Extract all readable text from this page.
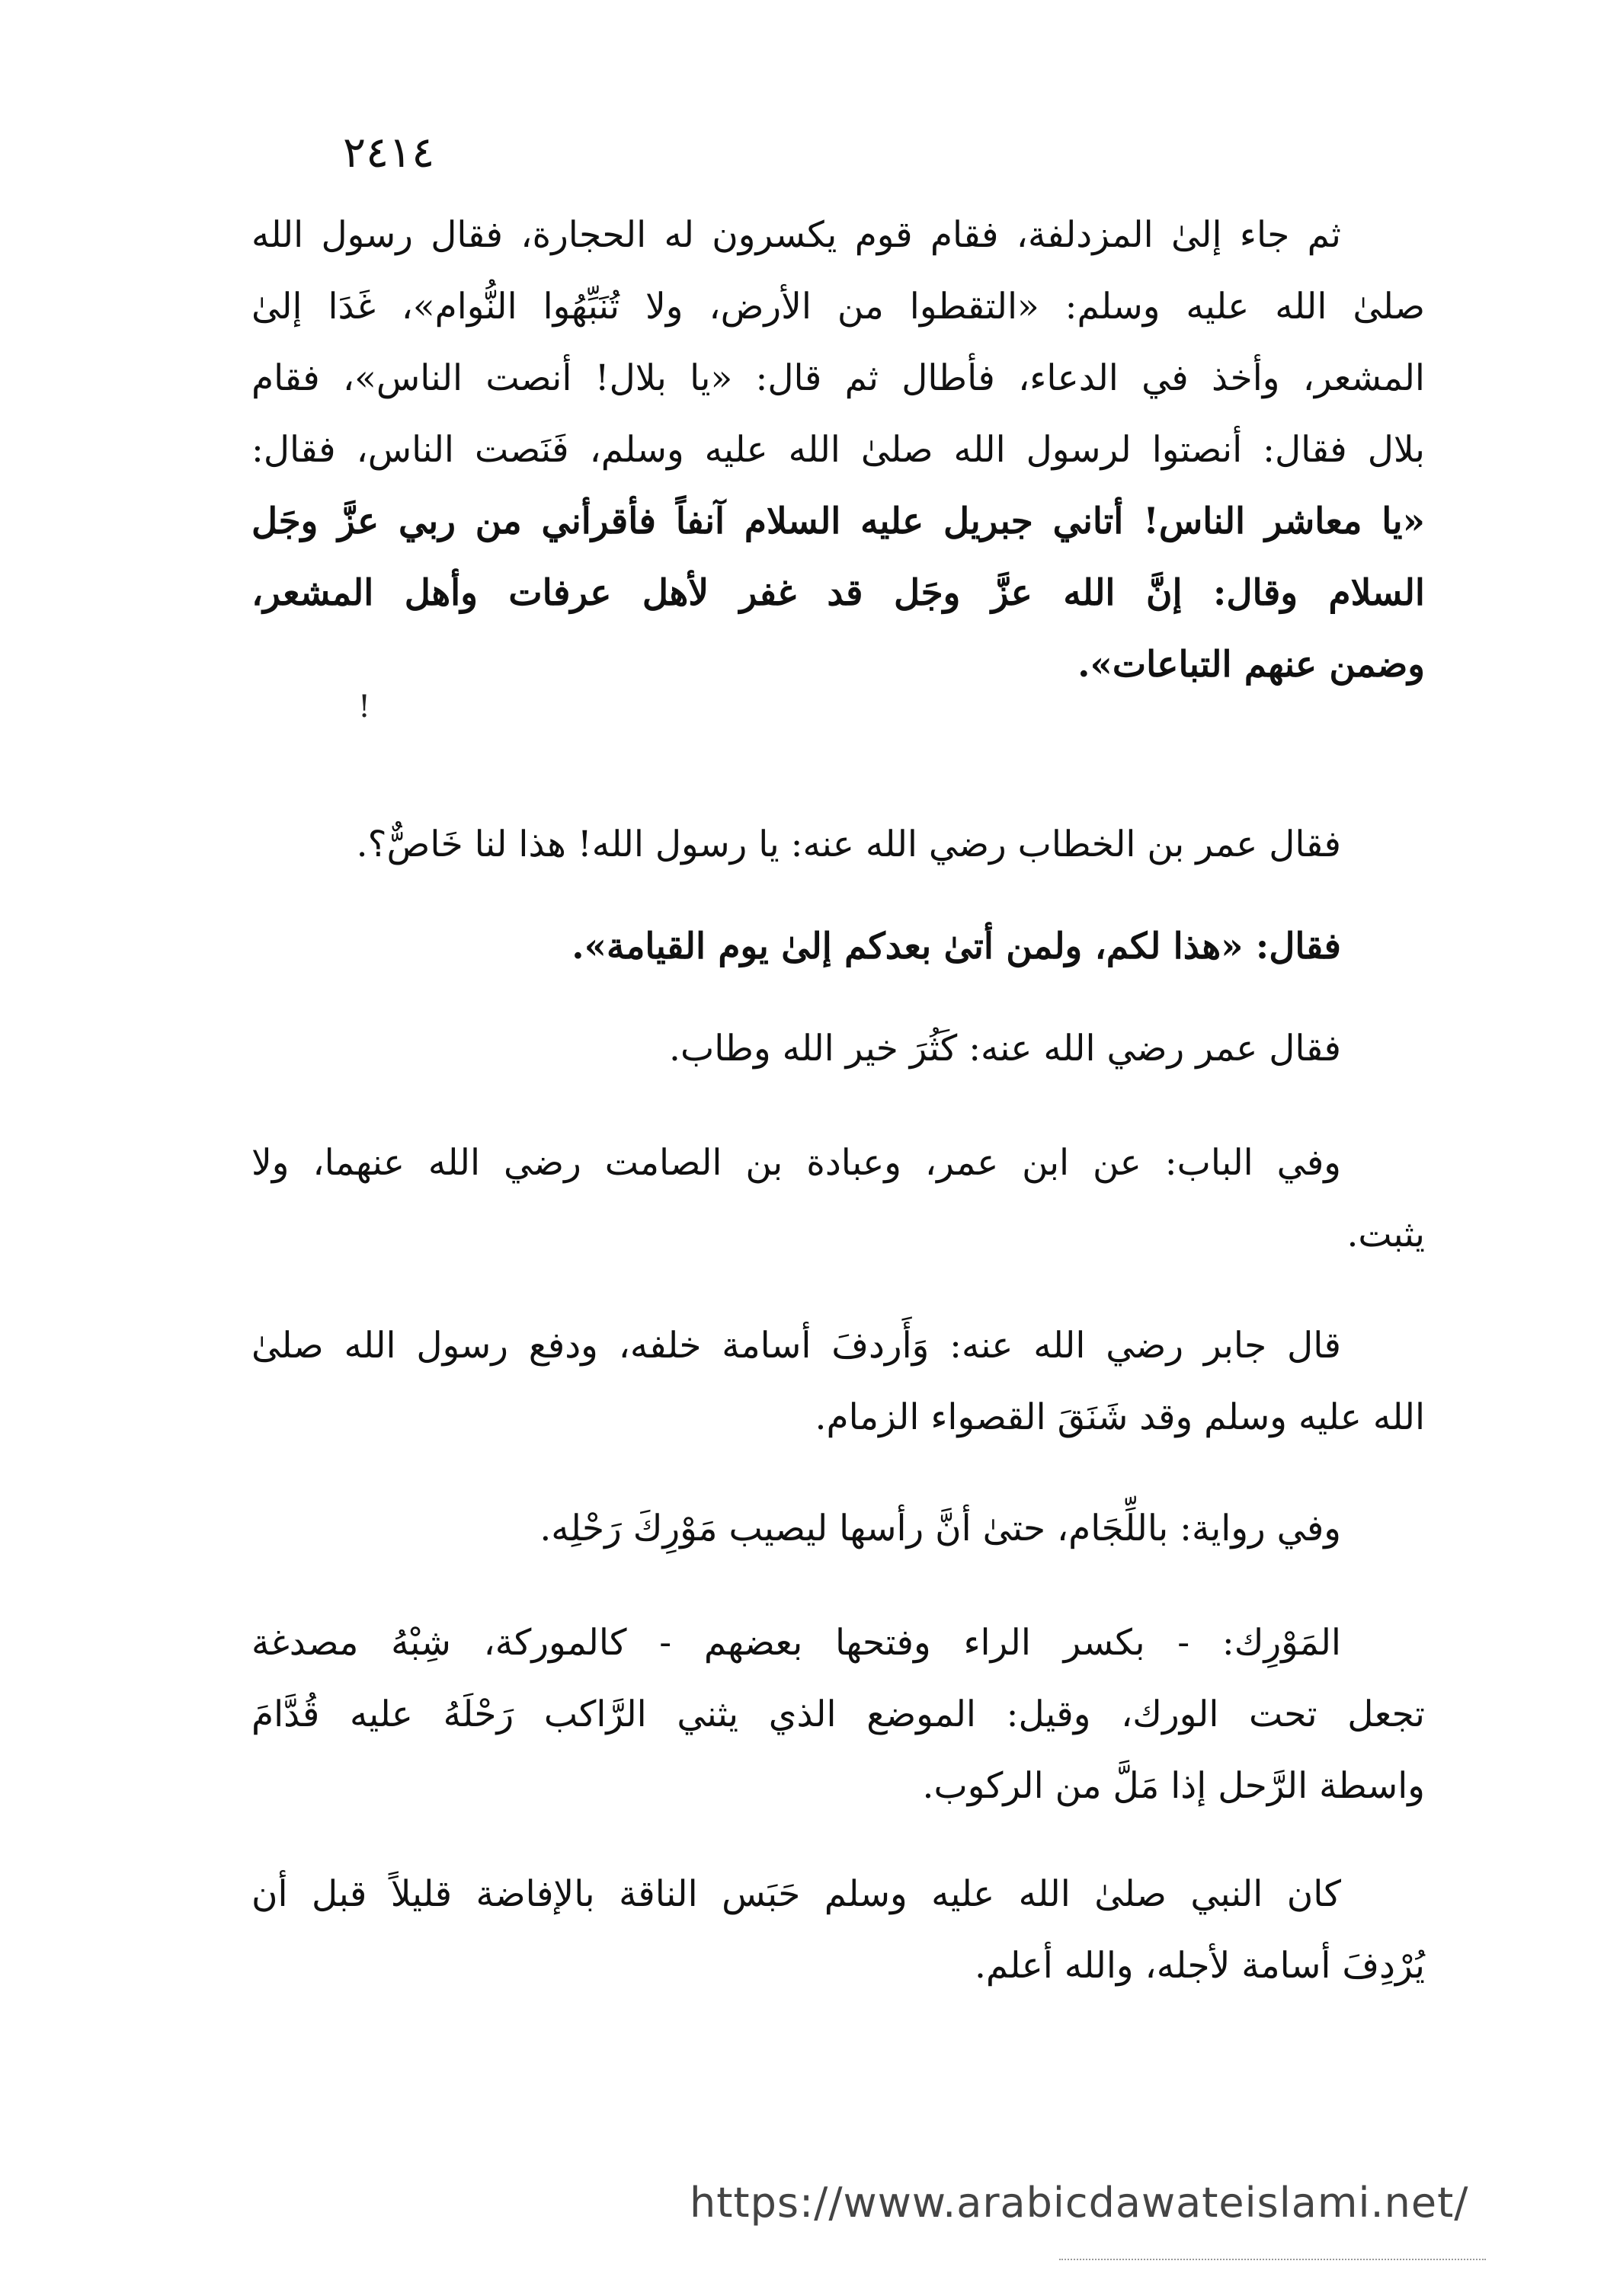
٢٤١٤
ثم جاء إلىٰ المزدلفة، فقام قوم يكسرون له الحجارة، فقال رسول الله
صلىٰ الله عليه وسلم: «التقطوا من الأرض، ولا تُنَبِّهُوا النُّوام»، غَدَا إلىٰ
المشعر، وأخذ في الدعاء، فأطال ثم قال: «يا بلال! أنصت الناس»، فقام
بلال فقال: أنصتوا لرسول الله صلىٰ الله عليه وسلم، فَنَصت الناس، فقال:
«يا معاشر الناس! أتاني جبريل عليه السلام آنفاً فأقرأني من ربي عزَّ وجَل
السلام وقال: إنَّ الله عزَّ وجَل قد غفر لأهل عرفات وأهل المشعر،
وضمن عنهم التباعات».
!
فقال عمر بن الخطاب رضي الله عنه: يا رسول الله! هذا لنا خَاصٌّ؟.
فقال: «هذا لكم، ولمن أتىٰ بعدكم إلىٰ يوم القيامة».
فقال عمر رضي الله عنه: كَثُرَ خير الله وطاب.
وفي الباب: عن ابن عمر، وعبادة بن الصامت رضي الله عنهما، ولا
يثبت.
قال جابر رضي الله عنه: وَأَردفَ أسامة خلفه، ودفع رسول الله صلىٰ
الله عليه وسلم وقد شَنَقَ القصواء الزمام.
وفي رواية: باللِّجَام، حتىٰ أنَّ رأسها ليصيب مَوْرِكَ رَحْلِه.
المَوْرِك: - بكسر الراء وفتحها بعضهم - كالموركة، شِبْهُ مصدغة
تجعل تحت الورك، وقيل: الموضع الذي يثني الرَّاكب رَحْلَهُ عليه قُدَّامَ
واسطة الرَّحل إذا مَلَّ من الركوب.
كان النبي صلىٰ الله عليه وسلم حَبَس الناقة بالإفاضة قليلاً قبل أن
يُرْدِفَ أسامة لأجله، والله أعلم.
https://www.arabicdawateislami.net/
